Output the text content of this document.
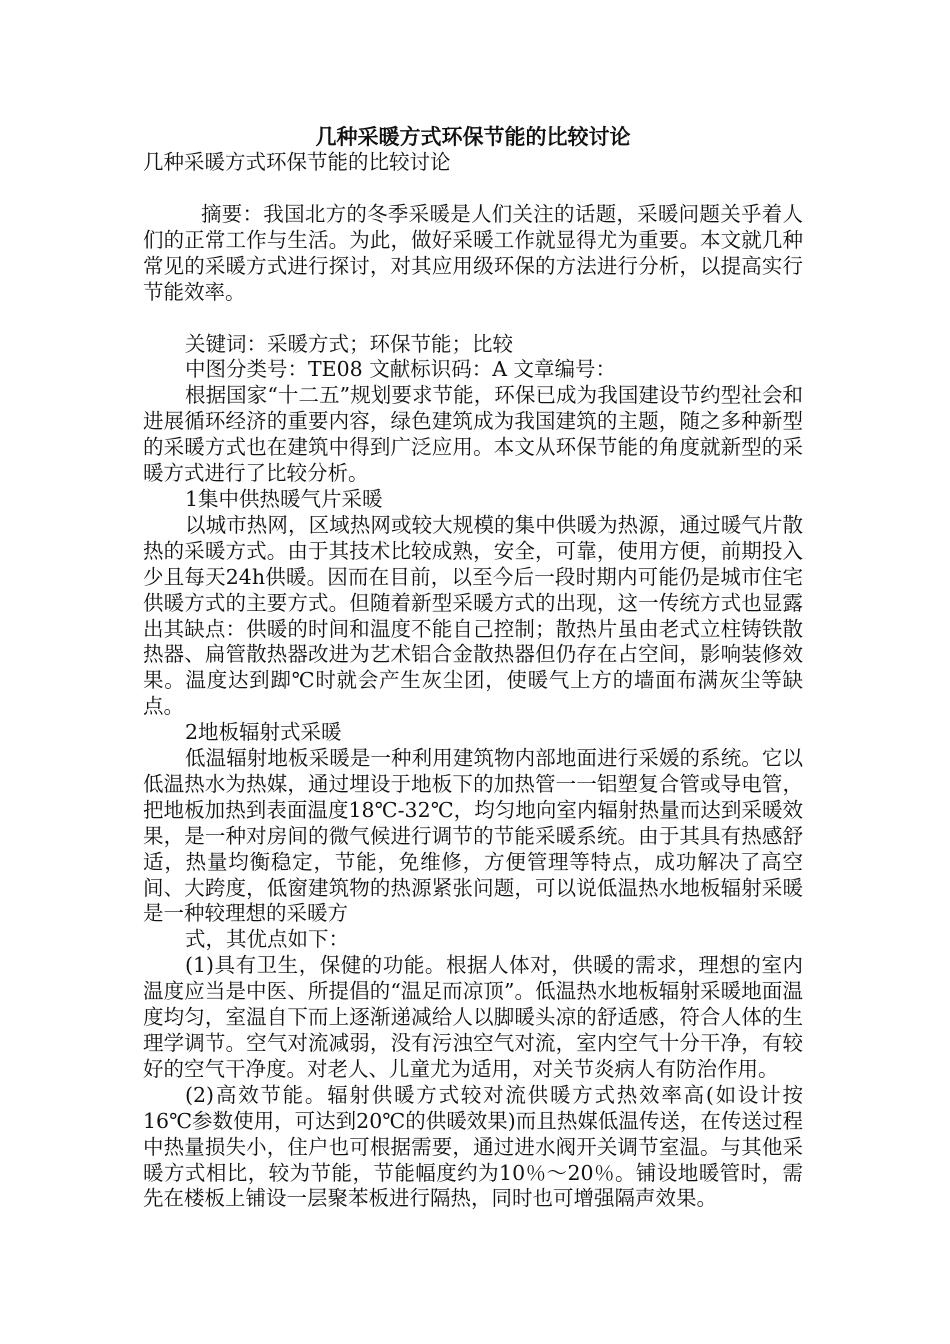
几种采暖方式环保节能的比较讨论

几种采暖方式环保节能的比较讨论

摘要：我国北方的冬季采暖是人们关注的话题，采暖问题关乎着人们的正常工作与生活。为此，做好采暖工作就显得尤为重要。本文就几种常见的采暖方式进行探讨，对其应用级环保的方法进行分析，以提高实行节能效率。

关键词：采暖方式；环保节能；比较

中图分类号：TE08 文献标识码：A 文章编号：

根据国家“十二五”规划要求节能，环保已成为我国建设节约型社会和进展循环经济的重要内容，绿色建筑成为我国建筑的主题，随之多种新型的采暖方式也在建筑中得到广泛应用。本文从环保节能的角度就新型的采暖方式进行了比较分析。

1集中供热暖气片采暖

以城市热网，区域热网或较大规模的集中供暖为热源，通过暖气片散热的采暖方式。由于其技术比较成熟，安全，可靠，使用方便，前期投入少且每天24h供暖。因而在目前，以至今后一段时期内可能仍是城市住宅供暖方式的主要方式。但随着新型采暖方式的出现，这一传统方式也显露出其缺点：供暖的时间和温度不能自己控制；散热片虽由老式立柱铸铁散热器、扁管散热器改进为艺术铝合金散热器但仍存在占空间，影响装修效果。温度达到踋℃时就会产生灰尘团，使暖气上方的墙面布满灰尘等缺点。

2地板辐射式采暖

低温辐射地板采暖是一种利用建筑物内部地面进行采媛的系统。它以低温热水为热媒，通过埋设于地板下的加热管一一铝塑复合管或导电管，把地板加热到表面温度18℃-32℃，均匀地向室内辐射热量而达到采暖效果，是一种对房间的微气候进行调节的节能采暖系统。由于其具有热感舒适，热量均衡稳定，节能，免维修，方便管理等特点，成功解决了高空间、大跨度，低窗建筑物的热源紧张问题，可以说低温热水地板辐射采暖是一种较理想的采暖方

式，其优点如下：

(1)具有卫生，保健的功能。根据人体对，供暖的需求，理想的室内温度应当是中医、所提倡的“温足而凉顶”。低温热水地板辐射采暖地面温度均匀，室温自下而上逐渐递减给人以脚暖头凉的舒适感，符合人体的生理学调节。空气对流减弱，没有污浊空气对流，室内空气十分干净，有较好的空气干净度。对老人、儿童尤为适用，对关节炎病人有防治作用。

(2)高效节能。辐射供暖方式较对流供暖方式热效率高(如设计按16℃参数使用，可达到20℃的供暖效果)而且热媒低温传送，在传送过程中热量损失小，住户也可根据需要，通过进水阀开关调节室温。与其他采暖方式相比，较为节能，节能幅度约为10％～20％。铺设地暖管时，需先在楼板上铺设一层聚苯板进行隔热，同时也可增强隔声效果。
